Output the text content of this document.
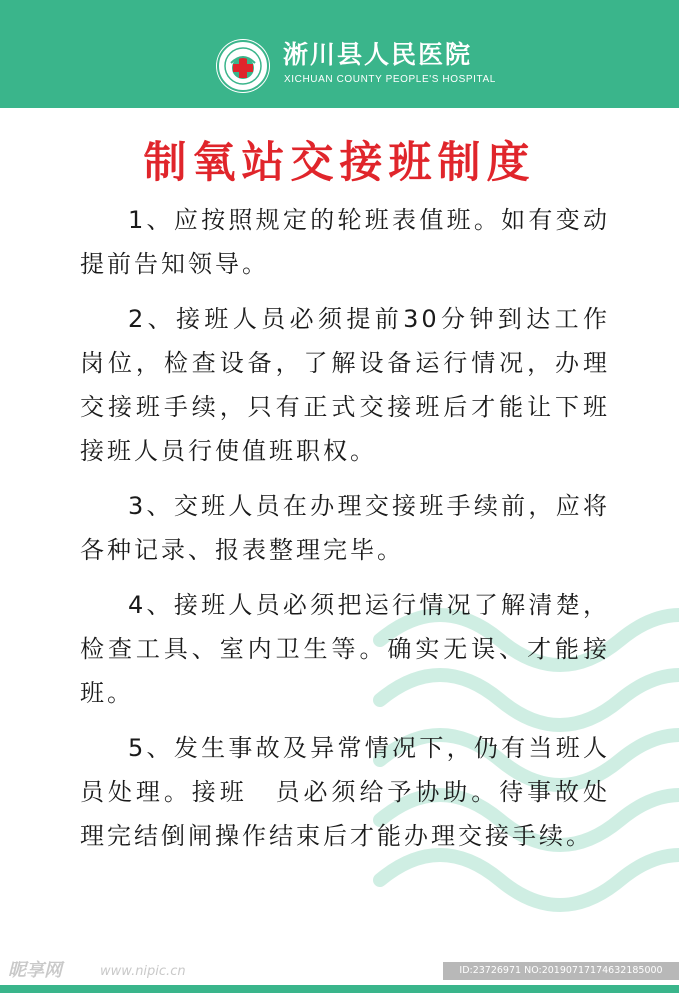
淅川县人民医院
XICHUAN COUNTY PEOPLE'S HOSPITAL
制氧站交接班制度

1、应按照规定的轮班表值班。如有变动提前告知领导。

2、接班人员必须提前30分钟到达工作岗位，检查设备，了解设备运行情况，办理交接班手续，只有正式交接班后才能让下班接班人员行使值班职权。

3、交班人员在办理交接班手续前，应将各种记录、报表整理完毕。

4、接班人员必须把运行情况了解清楚，检查工具、室内卫生等。确实无误、才能接班。

5、发生事故及异常情况下，仍有当班人员处理。接班　员必须给予协助。待事故处理完结倒闸操作结束后才能办理交接手续。

昵享网	www.nipic.cn	ID:23726971 NO:20190717174632185000
